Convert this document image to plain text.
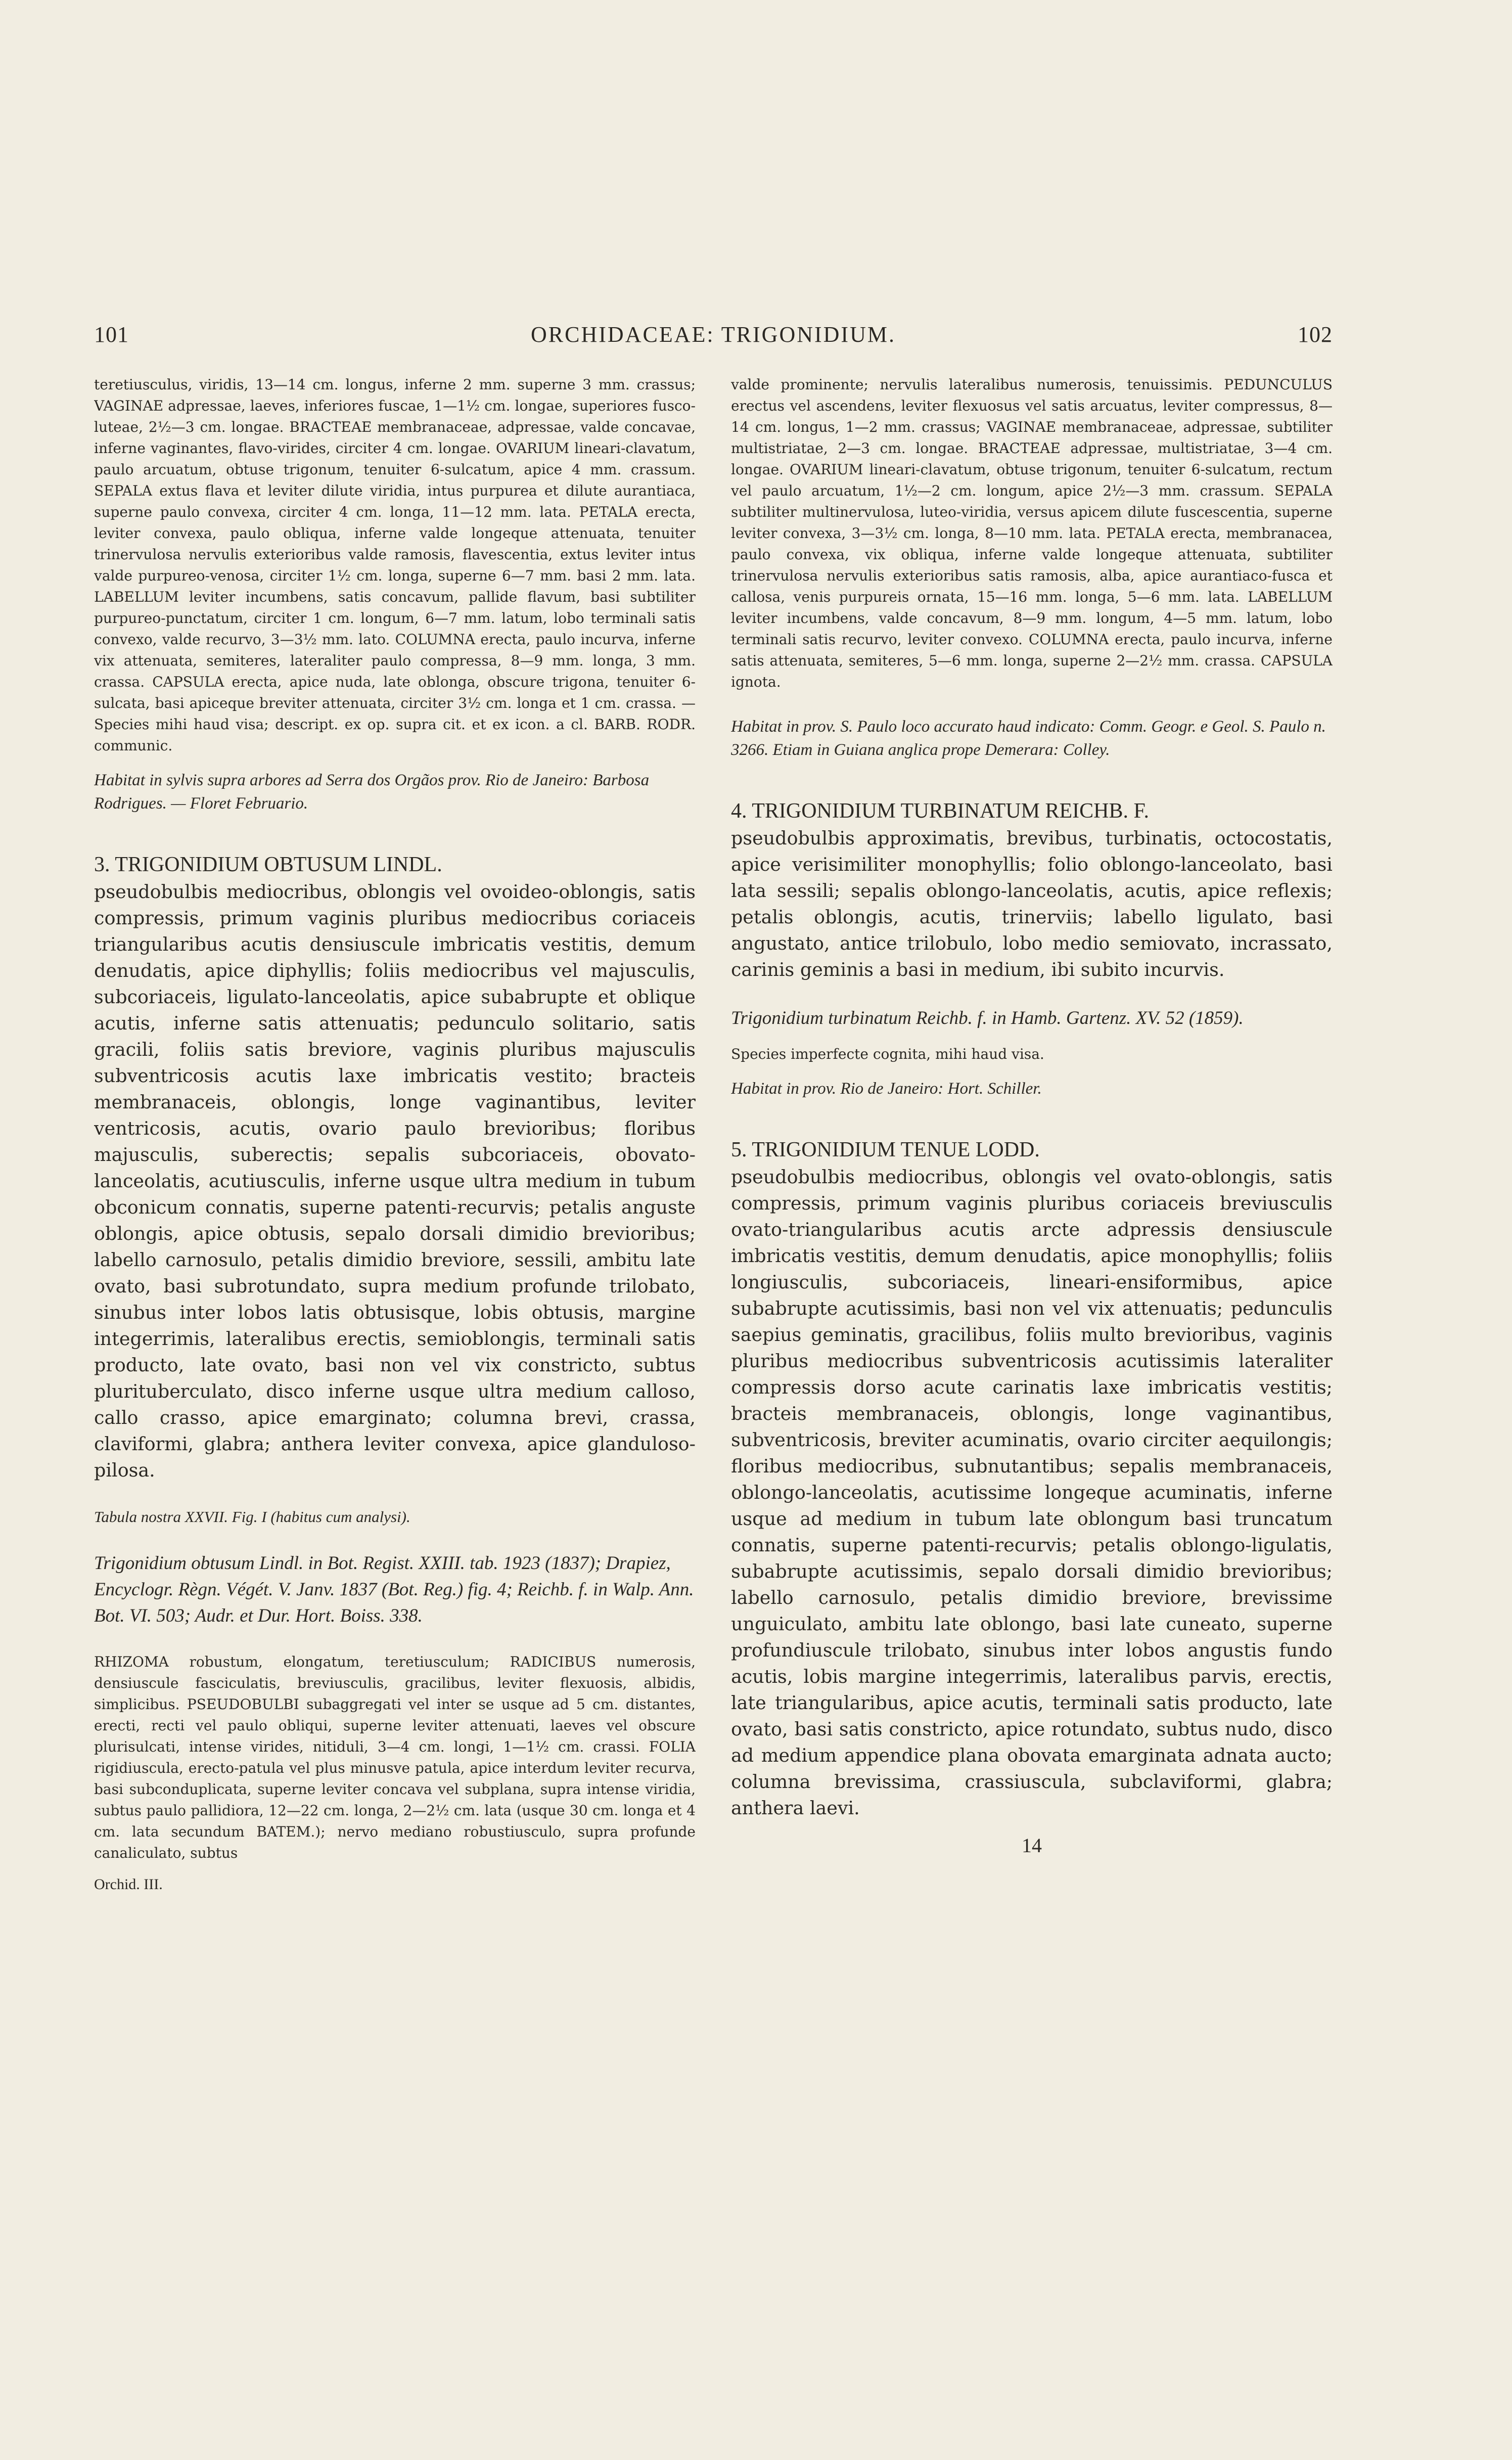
101	ORCHIDACEAE: TRIGONIDIUM.	102

teretiusculus, viridis, 13—14 cm. longus, inferne 2 mm. superne 3 mm. crassus; VAGINAE adpressae, laeves, inferiores fuscae, 1—1½ cm. longae, superiores fusco-luteae, 2½—3 cm. longae. BRACTEAE membranaceae, adpressae, valde concavae, inferne vaginantes, flavo-virides, circiter 4 cm. longae. OVARIUM lineari-clavatum, paulo arcuatum, obtuse trigonum, tenuiter 6-sulcatum, apice 4 mm. crassum. SEPALA extus flava et leviter dilute viridia, intus purpurea et dilute aurantiaca, superne paulo convexa, circiter 4 cm. longa, 11—12 mm. lata. PETALA erecta, leviter convexa, paulo obliqua, inferne valde longeque attenuata, tenuiter trinervulosa nervulis exterioribus valde ramosis, flavescentia, extus leviter intus valde purpureo-venosa, circiter 1½ cm. longa, superne 6—7 mm. basi 2 mm. lata. LABELLUM leviter incumbens, satis concavum, pallide flavum, basi subtiliter purpureo-punctatum, circiter 1 cm. longum, 6—7 mm. latum, lobo terminali satis convexo, valde recurvo, 3—3½ mm. lato. COLUMNA erecta, paulo incurva, inferne vix attenuata, semiteres, lateraliter paulo compressa, 8—9 mm. longa, 3 mm. crassa. CAPSULA erecta, apice nuda, late oblonga, obscure trigona, tenuiter 6-sulcata, basi apiceque breviter attenuata, circiter 3½ cm. longa et 1 cm. crassa. — Species mihi haud visa; descript. ex op. supra cit. et ex icon. a cl. BARB. RODR. communic.

Habitat in sylvis supra arbores ad Serra dos Orgãos prov. Rio de Janeiro: Barbosa Rodrigues. — Floret Februario.

3. TRIGONIDIUM OBTUSUM LINDL.

pseudobulbis mediocribus, oblongis vel ovoideo-oblongis, satis compressis, primum vaginis pluribus mediocribus coriaceis triangularibus acutis densiuscule imbricatis vestitis, demum denudatis, apice diphyllis; foliis mediocribus vel majusculis, subcoriaceis, ligulato-lanceolatis, apice subabrupte et oblique acutis, inferne satis attenuatis; pedunculo solitario, satis gracili, foliis satis breviore, vaginis pluribus majusculis subventricosis acutis laxe imbricatis vestito; bracteis membranaceis, oblongis, longe vaginantibus, leviter ventricosis, acutis, ovario paulo brevioribus; floribus majusculis, suberectis; sepalis subcoriaceis, obovato-lanceolatis, acutiusculis, inferne usque ultra medium in tubum obconicum connatis, superne patenti-recurvis; petalis anguste oblongis, apice obtusis, sepalo dorsali dimidio brevioribus; labello carnosulo, petalis dimidio breviore, sessili, ambitu late ovato, basi subrotundato, supra medium profunde trilobato, sinubus inter lobos latis obtusisque, lobis obtusis, margine integerrimis, lateralibus erectis, semioblongis, terminali satis producto, late ovato, basi non vel vix constricto, subtus plurituberculato, disco inferne usque ultra medium calloso, callo crasso, apice emarginato; columna brevi, crassa, claviformi, glabra; anthera leviter convexa, apice glanduloso-pilosa.

Tabula nostra XXVII. Fig. I (habitus cum analysi).

Trigonidium obtusum Lindl. in Bot. Regist. XXIII. tab. 1923 (1837); Drapiez, Encyclogr. Règn. Végét. V. Janv. 1837 (Bot. Reg.) fig. 4; Reichb. f. in Walp. Ann. Bot. VI. 503; Audr. et Dur. Hort. Boiss. 338.

RHIZOMA robustum, elongatum, teretiusculum; RADICIBUS numerosis, densiuscule fasciculatis, breviusculis, gracilibus, leviter flexuosis, albidis, simplicibus. PSEUDOBULBI subaggregati vel inter se usque ad 5 cm. distantes, erecti, recti vel paulo obliqui, superne leviter attenuati, laeves vel obscure plurisulcati, intense virides, nitiduli, 3—4 cm. longi, 1—1½ cm. crassi. FOLIA rigidiuscula, erecto-patula vel plus minusve patula, apice interdum leviter recurva, basi subconduplicata, superne leviter concava vel subplana, supra intense viridia, subtus paulo pallidiora, 12—22 cm. longa, 2—2½ cm. lata (usque 30 cm. longa et 4 cm. lata secundum BATEM.); nervo mediano robustiusculo, supra profunde canaliculato, subtus

Orchid. III.

valde prominente; nervulis lateralibus numerosis, tenuissimis. PEDUNCULUS erectus vel ascendens, leviter flexuosus vel satis arcuatus, leviter compressus, 8—14 cm. longus, 1—2 mm. crassus; VAGINAE membranaceae, adpressae, subtiliter multistriatae, 2—3 cm. longae. BRACTEAE adpressae, multistriatae, 3—4 cm. longae. OVARIUM lineari-clavatum, obtuse trigonum, tenuiter 6-sulcatum, rectum vel paulo arcuatum, 1½—2 cm. longum, apice 2½—3 mm. crassum. SEPALA subtiliter multinervulosa, luteo-viridia, versus apicem dilute fuscescentia, superne leviter convexa, 3—3½ cm. longa, 8—10 mm. lata. PETALA erecta, membranacea, paulo convexa, vix obliqua, inferne valde longeque attenuata, subtiliter trinervulosa nervulis exterioribus satis ramosis, alba, apice aurantiaco-fusca et callosa, venis purpureis ornata, 15—16 mm. longa, 5—6 mm. lata. LABELLUM leviter incumbens, valde concavum, 8—9 mm. longum, 4—5 mm. latum, lobo terminali satis recurvo, leviter convexo. COLUMNA erecta, paulo incurva, inferne satis attenuata, semiteres, 5—6 mm. longa, superne 2—2½ mm. crassa. CAPSULA ignota.

Habitat in prov. S. Paulo loco accurato haud indicato: Comm. Geogr. e Geol. S. Paulo n. 3266. Etiam in Guiana anglica prope Demerara: Colley.

4. TRIGONIDIUM TURBINATUM REICHB. F.

pseudobulbis approximatis, brevibus, turbinatis, octocostatis, apice verisimiliter monophyllis; folio oblongo-lanceolato, basi lata sessili; sepalis oblongo-lanceolatis, acutis, apice reflexis; petalis oblongis, acutis, trinerviis; labello ligulato, basi angustato, antice trilobulo, lobo medio semiovato, incrassato, carinis geminis a basi in medium, ibi subito incurvis.

Trigonidium turbinatum Reichb. f. in Hamb. Gartenz. XV. 52 (1859).

Species imperfecte cognita, mihi haud visa.

Habitat in prov. Rio de Janeiro: Hort. Schiller.

5. TRIGONIDIUM TENUE LODD.

pseudobulbis mediocribus, oblongis vel ovato-oblongis, satis compressis, primum vaginis pluribus coriaceis breviusculis ovato-triangularibus acutis arcte adpressis densiuscule imbricatis vestitis, demum denudatis, apice monophyllis; foliis longiusculis, subcoriaceis, lineari-ensiformibus, apice subabrupte acutissimis, basi non vel vix attenuatis; pedunculis saepius geminatis, gracilibus, foliis multo brevioribus, vaginis pluribus mediocribus subventricosis acutissimis lateraliter compressis dorso acute carinatis laxe imbricatis vestitis; bracteis membranaceis, oblongis, longe vaginantibus, subventricosis, breviter acuminatis, ovario circiter aequilongis; floribus mediocribus, subnutantibus; sepalis membranaceis, oblongo-lanceolatis, acutissime longeque acuminatis, inferne usque ad medium in tubum late oblongum basi truncatum connatis, superne patenti-recurvis; petalis oblongo-ligulatis, subabrupte acutissimis, sepalo dorsali dimidio brevioribus; labello carnosulo, petalis dimidio breviore, brevissime unguiculato, ambitu late oblongo, basi late cuneato, superne profundiuscule trilobato, sinubus inter lobos angustis fundo acutis, lobis margine integerrimis, lateralibus parvis, erectis, late triangularibus, apice acutis, terminali satis producto, late ovato, basi satis constricto, apice rotundato, subtus nudo, disco ad medium appendice plana obovata emarginata adnata aucto; columna brevissima, crassiuscula, subclaviformi, glabra; anthera laevi.

14
